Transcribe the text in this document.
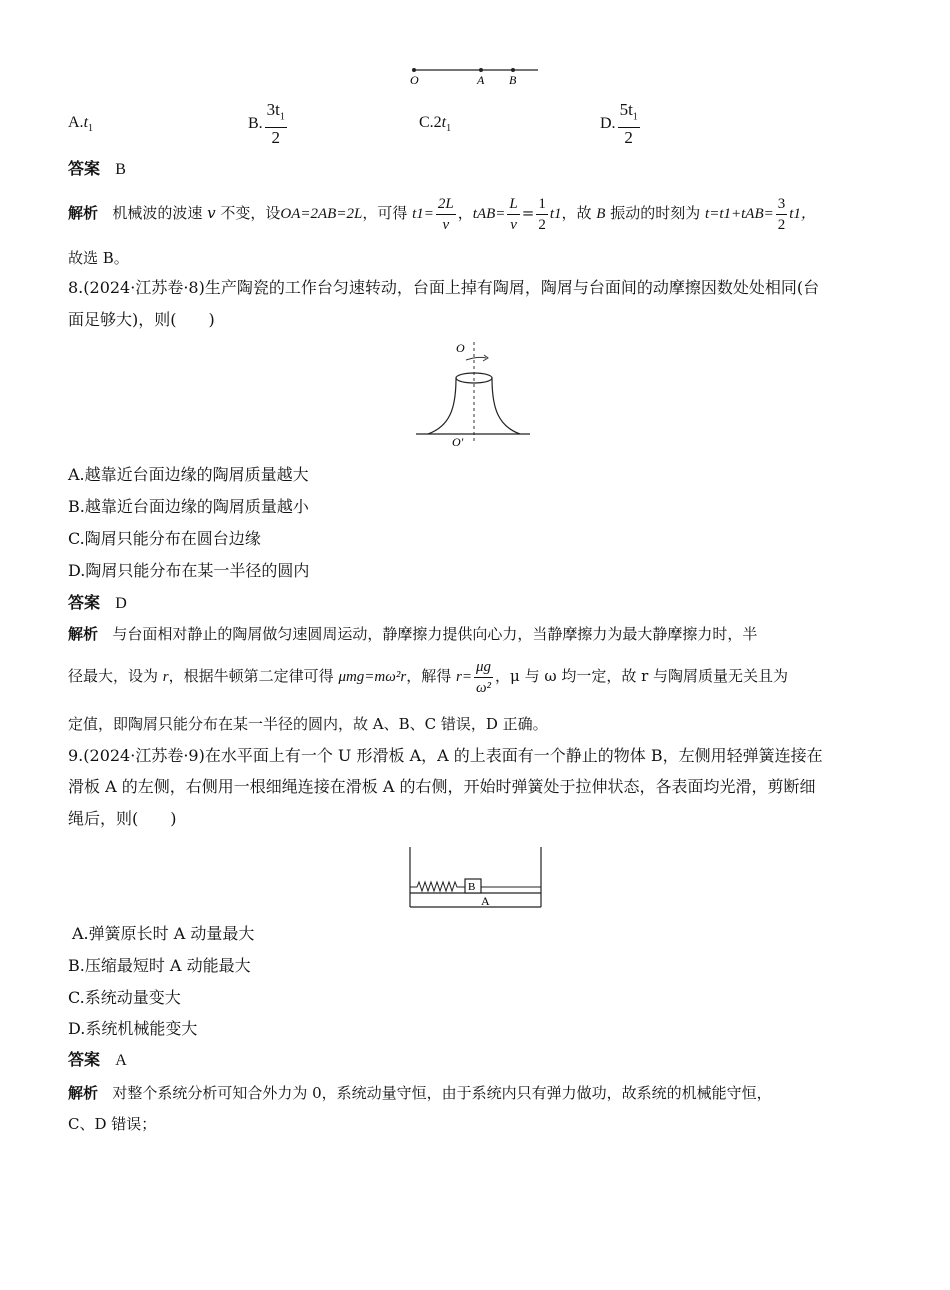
O	A B
$A.t_1$	B. $\frac{3t_1}{2}$	$C.2t_1$	D. $\frac{5t_1}{2}$
答案 B
解析 机械波的波速 v 不变，设OA=2AB=2L，可得 $t1= \frac{2L}{v}$ ，$tAB= \frac{L}{v} = \frac{1}{2} t1$，故 B 振动的时刻为 $t=t1+tAB= \frac{3}{2} t1$，
故选 B。
8.(2024·江苏卷·8)生产陶瓷的工作台匀速转动，台面上掉有陶屑，陶屑与台面间的动摩擦因数处处相同(台
面足够大)，则(　　)
O
O′
A.越靠近台面边缘的陶屑质量越大
B.越靠近台面边缘的陶屑质量越小
C.陶屑只能分布在圆台边缘
D.陶屑只能分布在某一半径的圆内
答案 D
解析 与台面相对静止的陶屑做匀速圆周运动，静摩擦力提供向心力，当静摩擦力为最大静摩擦力时，半
径最大，设为 r，根据牛顿第二定律可得 μmg=mω²r，解得 $r= \frac{\mu g}{\text{ω²}}$ ，μ 与 ω 均一定，故 r 与陶屑质量无关且为
定值，即陶屑只能分布在某一半径的圆内，故 A、B、C 错误，D 正确。
9.(2024·江苏卷·9)在水平面上有一个 U 形滑板 A，A 的上表面有一个静止的物体 B，左侧用轻弹簧连接在
滑板 A 的左侧，右侧用一根细绳连接在滑板 A 的右侧，开始时弹簧处于拉伸状态，各表面均光滑，剪断细
绳后，则(　　)
B
A
A.弹簧原长时 A 动量最大
B.压缩最短时 A 动能最大
C.系统动量变大
D.系统机械能变大
答案 A
解析 对整个系统分析可知合外力为 0，系统动量守恒，由于系统内只有弹力做功，故系统的机械能守恒，
C、D 错误；
